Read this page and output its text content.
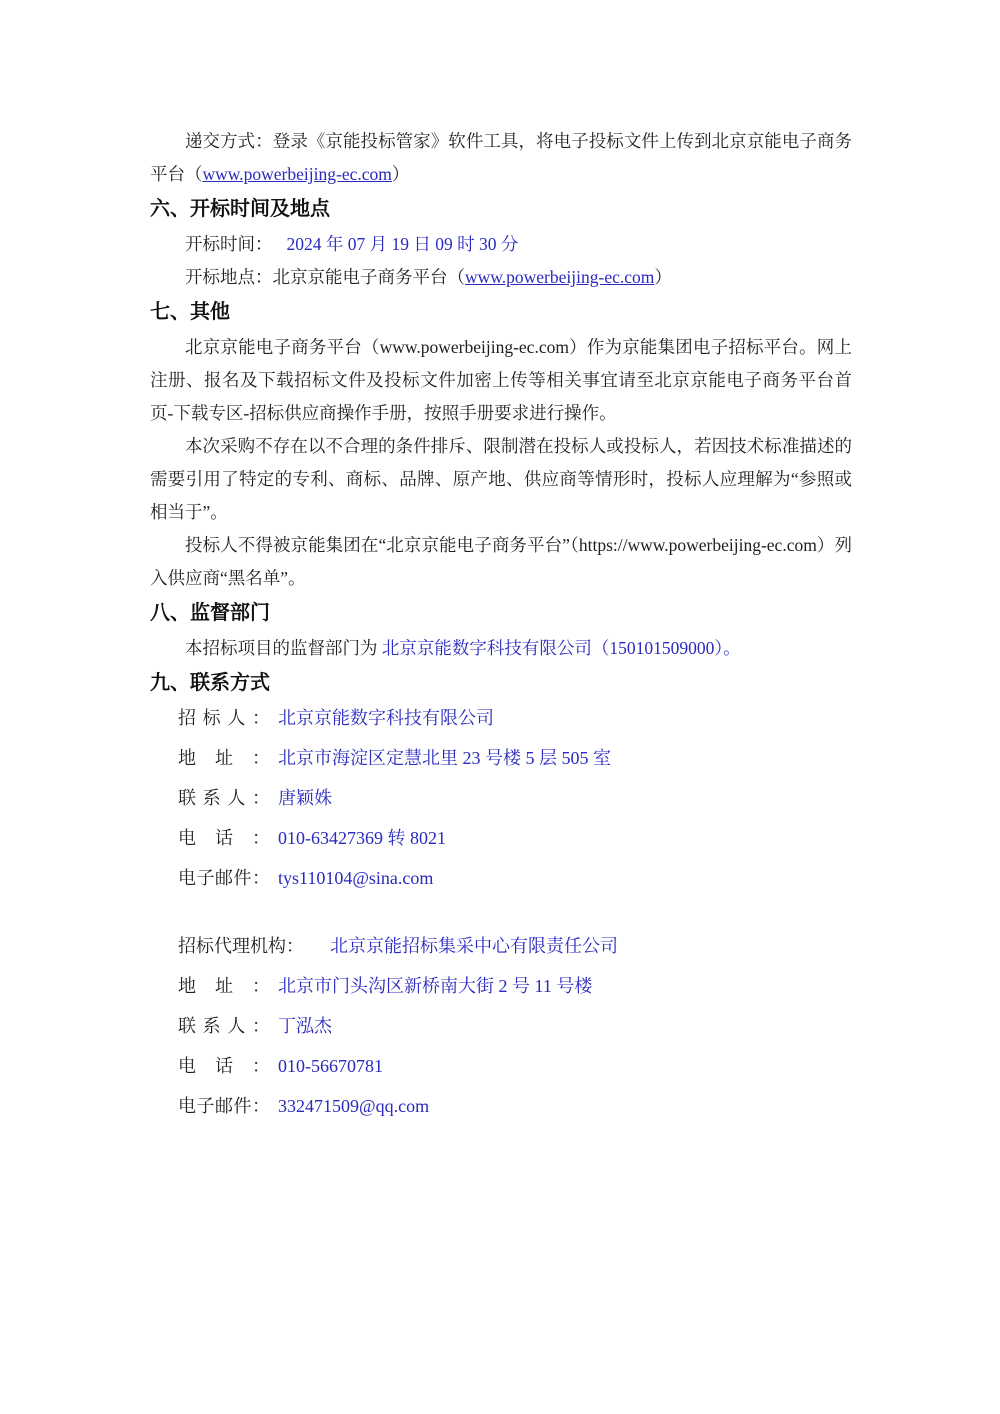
递交方式：登录《京能投标管家》软件工具，将电子投标文件上传到北京京能电子商务平台（www.powerbeijing-ec.com）

六、开标时间及地点

开标时间： 2024 年 07 月 19 日 09 时 30 分

开标地点：北京京能电子商务平台（www.powerbeijing-ec.com）

七、其他

北京京能电子商务平台（www.powerbeijing-ec.com）作为京能集团电子招标平台。网上注册、报名及下载招标文件及投标文件加密上传等相关事宜请至北京京能电子商务平台首页-下载专区-招标供应商操作手册，按照手册要求进行操作。

本次采购不存在以不合理的条件排斥、限制潜在投标人或投标人，若因技术标准描述的需要引用了特定的专利、商标、品牌、原产地、供应商等情形时，投标人应理解为“参照或相当于”。

投标人不得被京能集团在“北京京能电子商务平台”（https://www.powerbeijing-ec.com）列入供应商“黑名单”。

八、监督部门

本招标项目的监督部门为 北京京能数字科技有限公司（150101509000）。

九、联系方式
招标人： 北京京能数字科技有限公司
地址： 北京市海淀区定慧北里 23 号楼 5 层 505 室
联系人： 唐颖姝
电话： 010-63427369 转 8021
电子邮件： tys110104@sina.com
招标代理机构： 北京京能招标集采中心有限责任公司
地址： 北京市门头沟区新桥南大街 2 号 11 号楼
联系人： 丁泓杰
电话： 010-56670781
电子邮件： 332471509@qq.com
